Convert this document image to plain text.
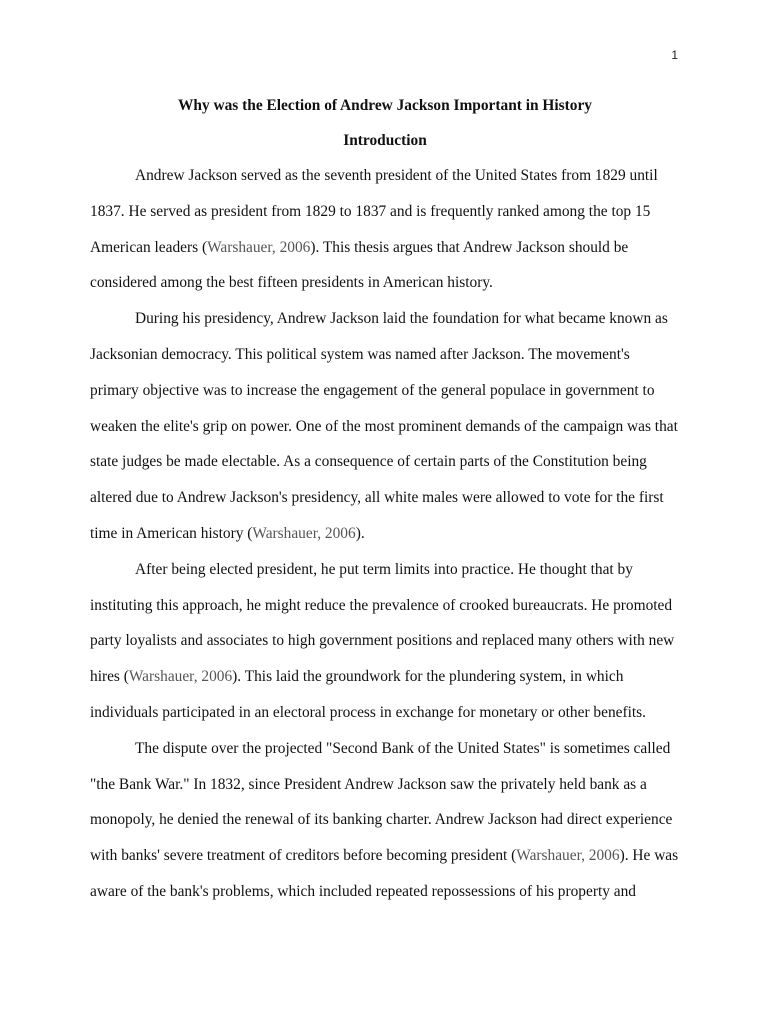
1

Why was the Election of Andrew Jackson Important in History

Introduction

Andrew Jackson served as the seventh president of the United States from 1829 until 1837. He served as president from 1829 to 1837 and is frequently ranked among the top 15 American leaders (Warshauer, 2006). This thesis argues that Andrew Jackson should be considered among the best fifteen presidents in American history.

During his presidency, Andrew Jackson laid the foundation for what became known as Jacksonian democracy. This political system was named after Jackson. The movement's primary objective was to increase the engagement of the general populace in government to weaken the elite's grip on power. One of the most prominent demands of the campaign was that state judges be made electable. As a consequence of certain parts of the Constitution being altered due to Andrew Jackson's presidency, all white males were allowed to vote for the first time in American history (Warshauer, 2006).

After being elected president, he put term limits into practice. He thought that by instituting this approach, he might reduce the prevalence of crooked bureaucrats. He promoted party loyalists and associates to high government positions and replaced many others with new hires (Warshauer, 2006). This laid the groundwork for the plundering system, in which individuals participated in an electoral process in exchange for monetary or other benefits.

The dispute over the projected "Second Bank of the United States" is sometimes called "the Bank War." In 1832, since President Andrew Jackson saw the privately held bank as a monopoly, he denied the renewal of its banking charter. Andrew Jackson had direct experience with banks' severe treatment of creditors before becoming president (Warshauer, 2006). He was aware of the bank's problems, which included repeated repossessions of his property and
